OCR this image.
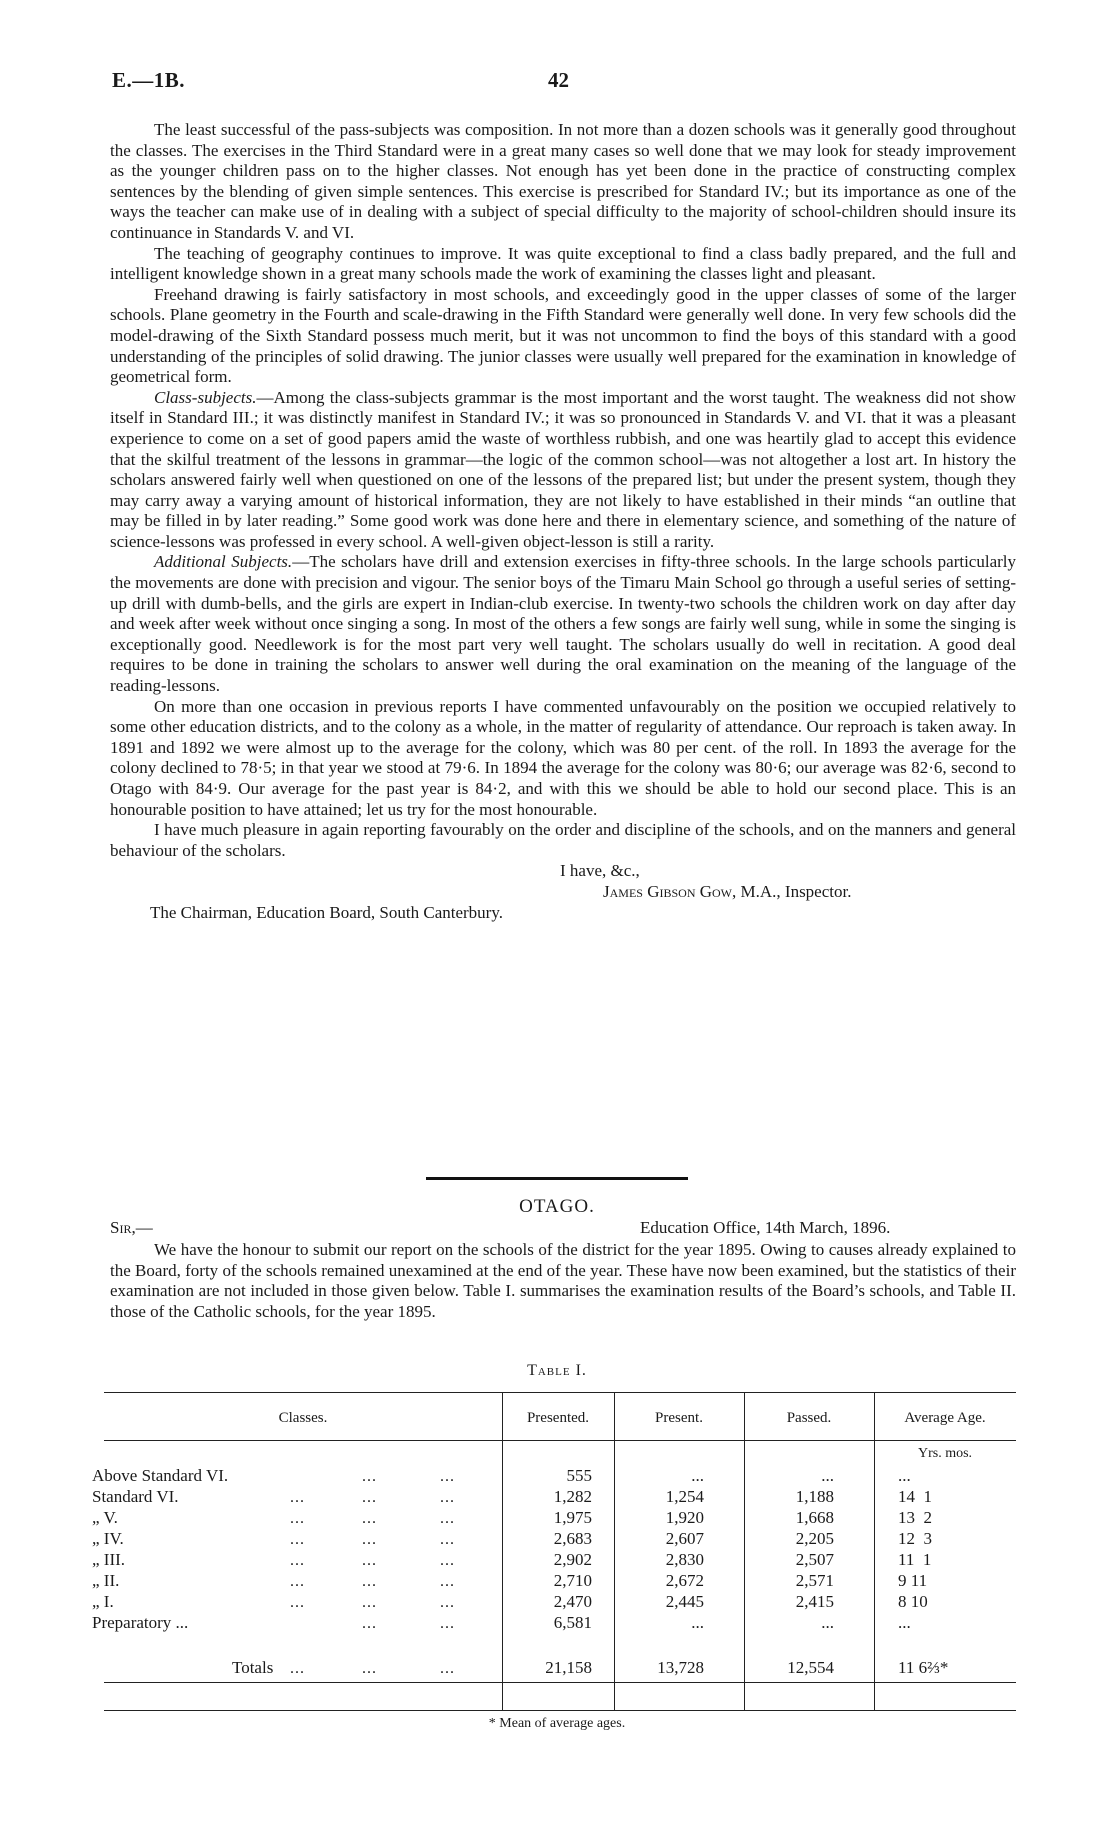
E.—1B.	42

The least successful of the pass-subjects was composition. In not more than a dozen schools was it generally good throughout the classes. The exercises in the Third Standard were in a great many cases so well done that we may look for steady improvement as the younger children pass on to the higher classes. Not enough has yet been done in the practice of constructing complex sentences by the blending of given simple sentences. This exercise is prescribed for Standard IV.; but its importance as one of the ways the teacher can make use of in dealing with a subject of special difficulty to the majority of school-children should insure its continuance in Standards V. and VI.

The teaching of geography continues to improve. It was quite exceptional to find a class badly prepared, and the full and intelligent knowledge shown in a great many schools made the work of examining the classes light and pleasant.

Freehand drawing is fairly satisfactory in most schools, and exceedingly good in the upper classes of some of the larger schools. Plane geometry in the Fourth and scale-drawing in the Fifth Standard were generally well done. In very few schools did the model-drawing of the Sixth Standard possess much merit, but it was not uncommon to find the boys of this standard with a good understanding of the principles of solid drawing. The junior classes were usually well prepared for the examination in knowledge of geometrical form.

Class-subjects.—Among the class-subjects grammar is the most important and the worst taught. The weakness did not show itself in Standard III.; it was distinctly manifest in Standard IV.; it was so pronounced in Standards V. and VI. that it was a pleasant experience to come on a set of good papers amid the waste of worthless rubbish, and one was heartily glad to accept this evidence that the skilful treatment of the lessons in grammar—the logic of the common school—was not altogether a lost art. In history the scholars answered fairly well when questioned on one of the lessons of the prepared list; but under the present system, though they may carry away a varying amount of historical information, they are not likely to have established in their minds “an outline that may be filled in by later reading.” Some good work was done here and there in elementary science, and something of the nature of science-lessons was professed in every school. A well-given object-lesson is still a rarity.

Additional Subjects.—The scholars have drill and extension exercises in fifty-three schools. In the large schools particularly the movements are done with precision and vigour. The senior boys of the Timaru Main School go through a useful series of setting-up drill with dumb-bells, and the girls are expert in Indian-club exercise. In twenty-two schools the children work on day after day and week after week without once singing a song. In most of the others a few songs are fairly well sung, while in some the singing is exceptionally good. Needlework is for the most part very well taught. The scholars usually do well in recitation. A good deal requires to be done in training the scholars to answer well during the oral examination on the meaning of the language of the reading-lessons.

On more than one occasion in previous reports I have commented unfavourably on the position we occupied relatively to some other education districts, and to the colony as a whole, in the matter of regularity of attendance. Our reproach is taken away. In 1891 and 1892 we were almost up to the average for the colony, which was 80 per cent. of the roll. In 1893 the average for the colony declined to 78·5; in that year we stood at 79·6. In 1894 the average for the colony was 80·6; our average was 82·6, second to Otago with 84·9. Our average for the past year is 84·2, and with this we should be able to hold our second place. This is an honourable position to have attained; let us try for the most honourable.

I have much pleasure in again reporting favourably on the order and discipline of the schools, and on the manners and general behaviour of the scholars.

I have, &c.,
James Gibson Gow, M.A., Inspector.
The Chairman, Education Board, South Canterbury.
OTAGO.
Sir,—	Education Office, 14th March, 1896.

We have the honour to submit our report on the schools of the district for the year 1895. Owing to causes already explained to the Board, forty of the schools remained unexamined at the end of the year. These have now been examined, but the statistics of their examination are not included in those given below. Table I. summarises the examination results of the Board’s schools, and Table II. those of the Catholic schools, for the year 1895.

Table I.
Classes.	Presented.	Present.	Passed.	Average Age.
Yrs. mos.
Above Standard VI.	...	...	555	...	...	...
Standard VI.	...	...	...	1,282	1,254	1,188	14  1
„ V.	...	...	...	1,975	1,920	1,668	13  2
„ IV.	...	...	...	2,683	2,607	2,205	12  3
„ III.	...	...	...	2,902	2,830	2,507	11  1
„ II.	...	...	...	2,710	2,672	2,571	9 11
„ I.	...	...	...	2,470	2,445	2,415	8 10
Preparatory ...	...	...	6,581	...	...	...
Totals ...	...	...	21,158	13,728	12,554	11 6⅔*
* Mean of average ages.
